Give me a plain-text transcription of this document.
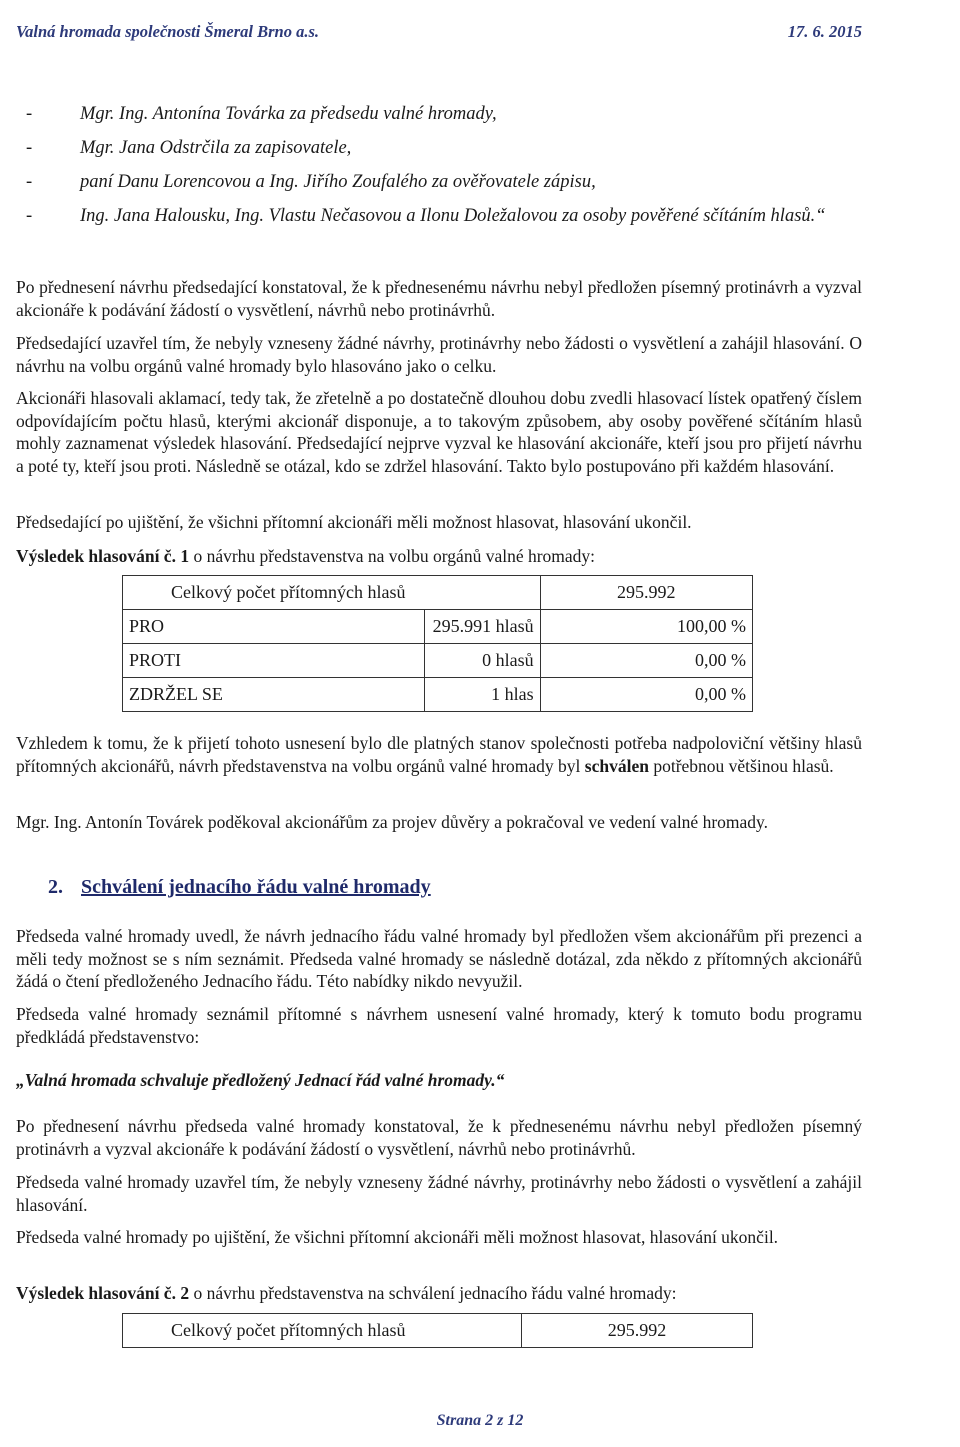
Valná hromada společnosti Šmeral Brno a.s.	17. 6. 2015
-	Mgr. Ing. Antonína Továrka za předsedu valné hromady,
-	Mgr. Jana Odstrčila za zapisovatele,
-	paní Danu Lorencovou a Ing. Jiřího Zoufalého za ověřovatele zápisu,
-	Ing. Jana Halousku, Ing. Vlastu Nečasovou a Ilonu Doležalovou za osoby pověřené sčítáním hlasů.“

Po přednesení návrhu předsedající konstatoval, že k přednesenému návrhu nebyl předložen písemný protinávrh a vyzval akcionáře k podávání žádostí o vysvětlení, návrhů nebo protinávrhů.

Předsedající uzavřel tím, že nebyly vzneseny žádné návrhy, protinávrhy nebo žádosti o vysvětlení a zahájil hlasování. O návrhu na volbu orgánů valné hromady bylo hlasováno jako o celku.

Akcionáři hlasovali aklamací, tedy tak, že zřetelně a po dostatečně dlouhou dobu zvedli hlasovací lístek opatřený číslem odpovídajícím počtu hlasů, kterými akcionář disponuje, a to takovým způsobem, aby osoby pověřené sčítáním hlasů mohly zaznamenat výsledek hlasování. Předsedající nejprve vyzval ke hlasování akcionáře, kteří jsou pro přijetí návrhu a poté ty, kteří jsou proti. Následně se otázal, kdo se zdržel hlasování. Takto bylo postupováno při každém hlasování.

Předsedající po ujištění, že všichni přítomní akcionáři měli možnost hlasovat, hlasování ukončil.

Výsledek hlasování č. 1 o návrhu představenstva na volbu orgánů valné hromady:

Celkový počet přítomných hlasů		295.992
PRO	295.991 hlasů	100,00 %
PROTI	0 hlasů	0,00 %
ZDRŽEL SE	1 hlas	0,00 %

Vzhledem k tomu, že k přijetí tohoto usnesení bylo dle platných stanov společnosti potřeba nadpoloviční většiny hlasů přítomných akcionářů, návrh představenstva na volbu orgánů valné hromady byl schválen potřebnou většinou hlasů.

Mgr. Ing. Antonín Továrek poděkoval akcionářům za projev důvěry a pokračoval ve vedení valné hromady.

2. Schválení jednacího řádu valné hromady

Předseda valné hromady uvedl, že návrh jednacího řádu valné hromady byl předložen všem akcionářům při prezenci a měli tedy možnost se s ním seznámit. Předseda valné hromady se následně dotázal, zda někdo z přítomných akcionářů žádá o čtení předloženého Jednacího řádu. Této nabídky nikdo nevyužil.

Předseda valné hromady seznámil přítomné s návrhem usnesení valné hromady, který k tomuto bodu programu předkládá představenstvo:

„Valná hromada schvaluje předložený Jednací řád valné hromady.“

Po přednesení návrhu předseda valné hromady konstatoval, že k přednesenému návrhu nebyl předložen písemný protinávrh a vyzval akcionáře k podávání žádostí o vysvětlení, návrhů nebo protinávrhů.

Předseda valné hromady uzavřel tím, že nebyly vzneseny žádné návrhy, protinávrhy nebo žádosti o vysvětlení a zahájil hlasování.

Předseda valné hromady po ujištění, že všichni přítomní akcionáři měli možnost hlasovat, hlasování ukončil.

Výsledek hlasování č. 2 o návrhu představenstva na schválení jednacího řádu valné hromady:

Celkový počet přítomných hlasů	295.992
Strana 2 z 12
